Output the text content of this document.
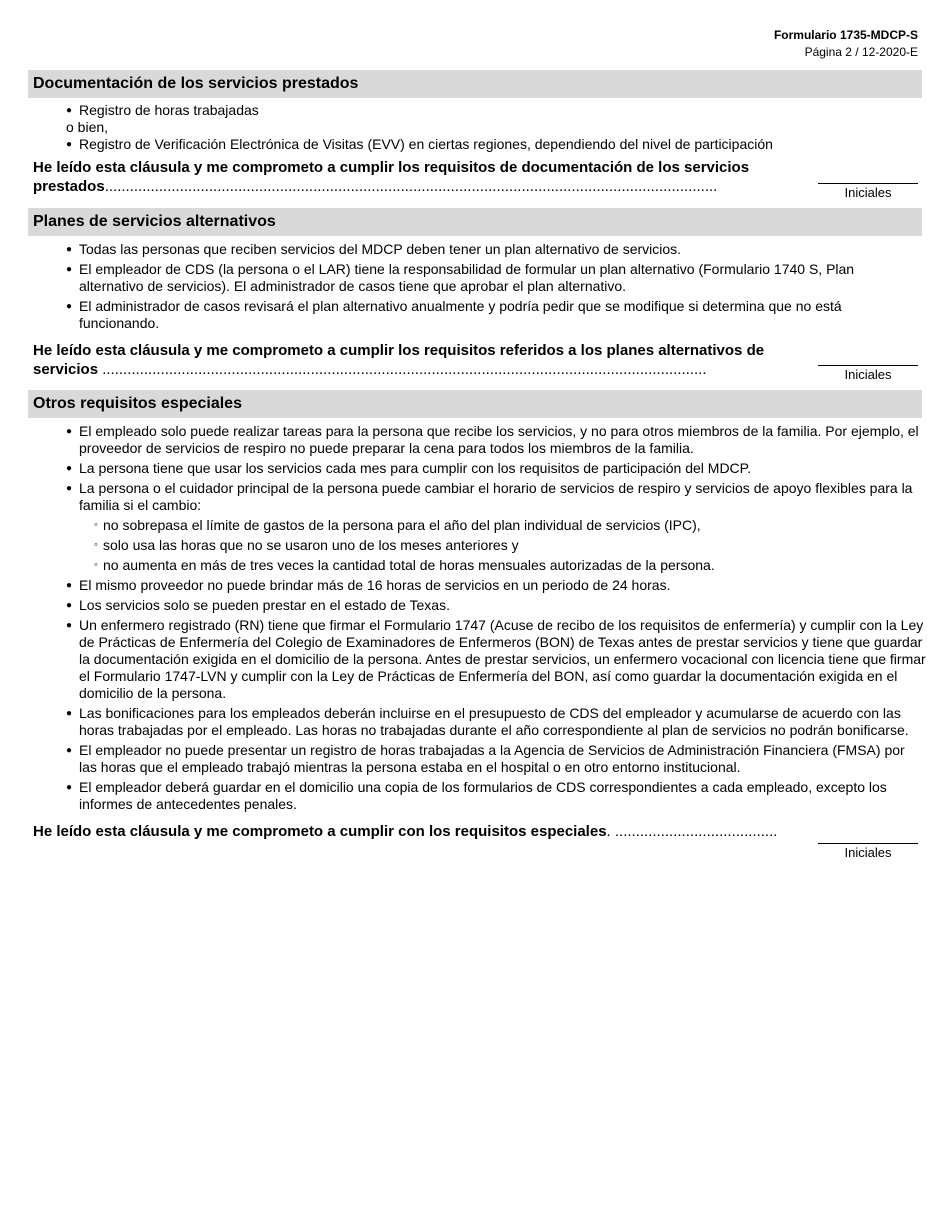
Formulario 1735-MDCP-S
Página 2 / 12-2020-E
Documentación de los servicios prestados
● Registro de horas trabajadas
o bien,
● Registro de Verificación Electrónica de Visitas (EVV) en ciertas regiones, dependiendo del nivel de participación
He leído esta cláusula y me comprometo a cumplir los requisitos de documentación de los servicios
prestados...................................................................................................................................................	Iniciales
Planes de servicios alternativos
● Todas las personas que reciben servicios del MDCP deben tener un plan alternativo de servicios.
● El empleador de CDS (la persona o el LAR) tiene la responsabilidad de formular un plan alternativo (Formulario 1740 S, Plan alternativo de servicios). El administrador de casos tiene que aprobar el plan alternativo.
● El administrador de casos revisará el plan alternativo anualmente y podría pedir que se modifique si determina que no está funcionando.
He leído esta cláusula y me comprometo a cumplir los requisitos referidos a los planes alternativos de
servicios .................................................................................................................................................	Iniciales
Otros requisitos especiales
● El empleado solo puede realizar tareas para la persona que recibe los servicios, y no para otros miembros de la familia. Por ejemplo, el proveedor de servicios de respiro no puede preparar la cena para todos los miembros de la familia.
● La persona tiene que usar los servicios cada mes para cumplir con los requisitos de participación del MDCP.
● La persona o el cuidador principal de la persona puede cambiar el horario de servicios de respiro y servicios de apoyo flexibles para la familia si el cambio:
◦ no sobrepasa el límite de gastos de la persona para el año del plan individual de servicios (IPC),
◦ solo usa las horas que no se usaron uno de los meses anteriores y
◦ no aumenta en más de tres veces la cantidad total de horas mensuales autorizadas de la persona.
● El mismo proveedor no puede brindar más de 16 horas de servicios en un periodo de 24 horas.
● Los servicios solo se pueden prestar en el estado de Texas.
● Un enfermero registrado (RN) tiene que firmar el Formulario 1747 (Acuse de recibo de los requisitos de enfermería) y cumplir con la Ley de Prácticas de Enfermería del Colegio de Examinadores de Enfermeros (BON) de Texas antes de prestar servicios y tiene que guardar la documentación exigida en el domicilio de la persona. Antes de prestar servicios, un enfermero vocacional con licencia tiene que firmar el Formulario 1747-LVN y cumplir con la Ley de Prácticas de Enfermería del BON, así como guardar la documentación exigida en el domicilio de la persona.
● Las bonificaciones para los empleados deberán incluirse en el presupuesto de CDS del empleador y acumularse de acuerdo con las horas trabajadas por el empleado. Las horas no trabajadas durante el año correspondiente al plan de servicios no podrán bonificarse.
● El empleador no puede presentar un registro de horas trabajadas a la Agencia de Servicios de Administración Financiera (FMSA) por las horas que el empleado trabajó mientras la persona estaba en el hospital o en otro entorno institucional.
● El empleador deberá guardar en el domicilio una copia de los formularios de CDS correspondientes a cada empleado, excepto los informes de antecedentes penales.
He leído esta cláusula y me comprometo a cumplir con los requisitos especiales. .......................................
Iniciales
